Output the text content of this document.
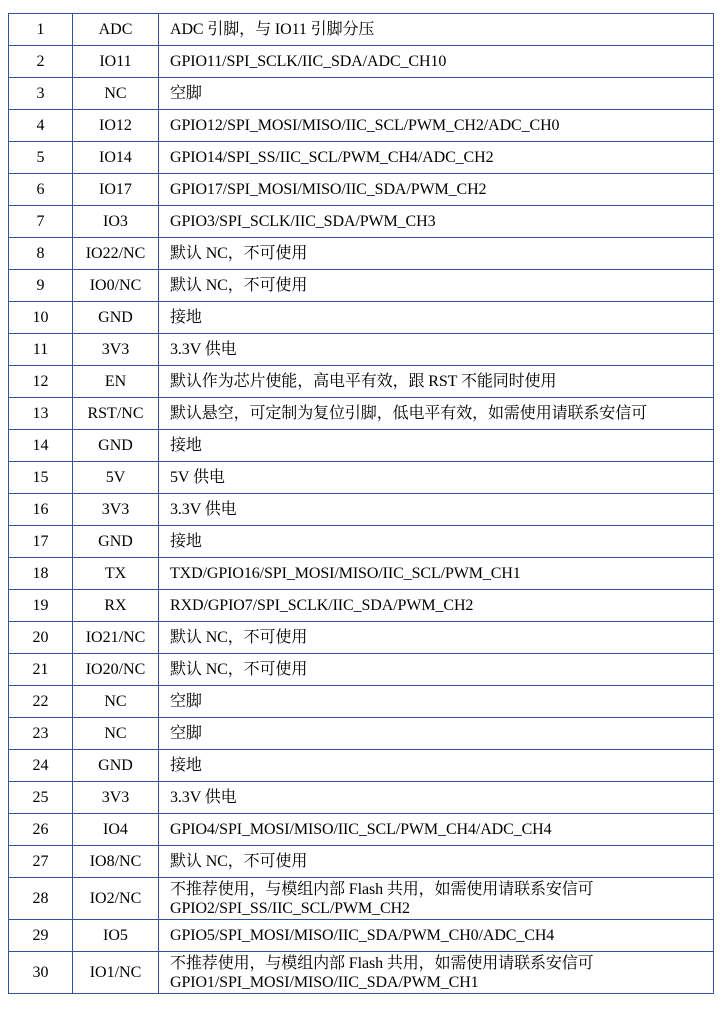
1	ADC	ADC 引脚，与 IO11 引脚分压

2	IO11	GPIO11/SPI_SCLK/IIC_SDA/ADC_CH10

3	NC	空脚

4	IO12	GPIO12/SPI_MOSI/MISO/IIC_SCL/PWM_CH2/ADC_CH0

5	IO14	GPIO14/SPI_SS/IIC_SCL/PWM_CH4/ADC_CH2

6	IO17	GPIO17/SPI_MOSI/MISO/IIC_SDA/PWM_CH2

7	IO3	GPIO3/SPI_SCLK/IIC_SDA/PWM_CH3

8	IO22/NC	默认 NC，不可使用

9	IO0/NC	默认 NC，不可使用

10	GND	接地

11	3V3	3.3V 供电

12	EN	默认作为芯片使能，高电平有效，跟 RST 不能同时使用

13	RST/NC	默认悬空，可定制为复位引脚，低电平有效，如需使用请联系安信可

14	GND	接地

15	5V	5V 供电

16	3V3	3.3V 供电

17	GND	接地

18	TX	TXD/GPIO16/SPI_MOSI/MISO/IIC_SCL/PWM_CH1

19	RX	RXD/GPIO7/SPI_SCLK/IIC_SDA/PWM_CH2

20	IO21/NC	默认 NC，不可使用

21	IO20/NC	默认 NC，不可使用

22	NC	空脚

23	NC	空脚

24	GND	接地

25	3V3	3.3V 供电

26	IO4	GPIO4/SPI_MOSI/MISO/IIC_SCL/PWM_CH4/ADC_CH4

27	IO8/NC	默认 NC，不可使用

28	IO2/NC	不推荐使用，与模组内部 Flash 共用，如需使用请联系安信可
GPIO2/SPI_SS/IIC_SCL/PWM_CH2

29	IO5	GPIO5/SPI_MOSI/MISO/IIC_SDA/PWM_CH0/ADC_CH4

30	IO1/NC	不推荐使用，与模组内部 Flash 共用，如需使用请联系安信可
GPIO1/SPI_MOSI/MISO/IIC_SDA/PWM_CH1
